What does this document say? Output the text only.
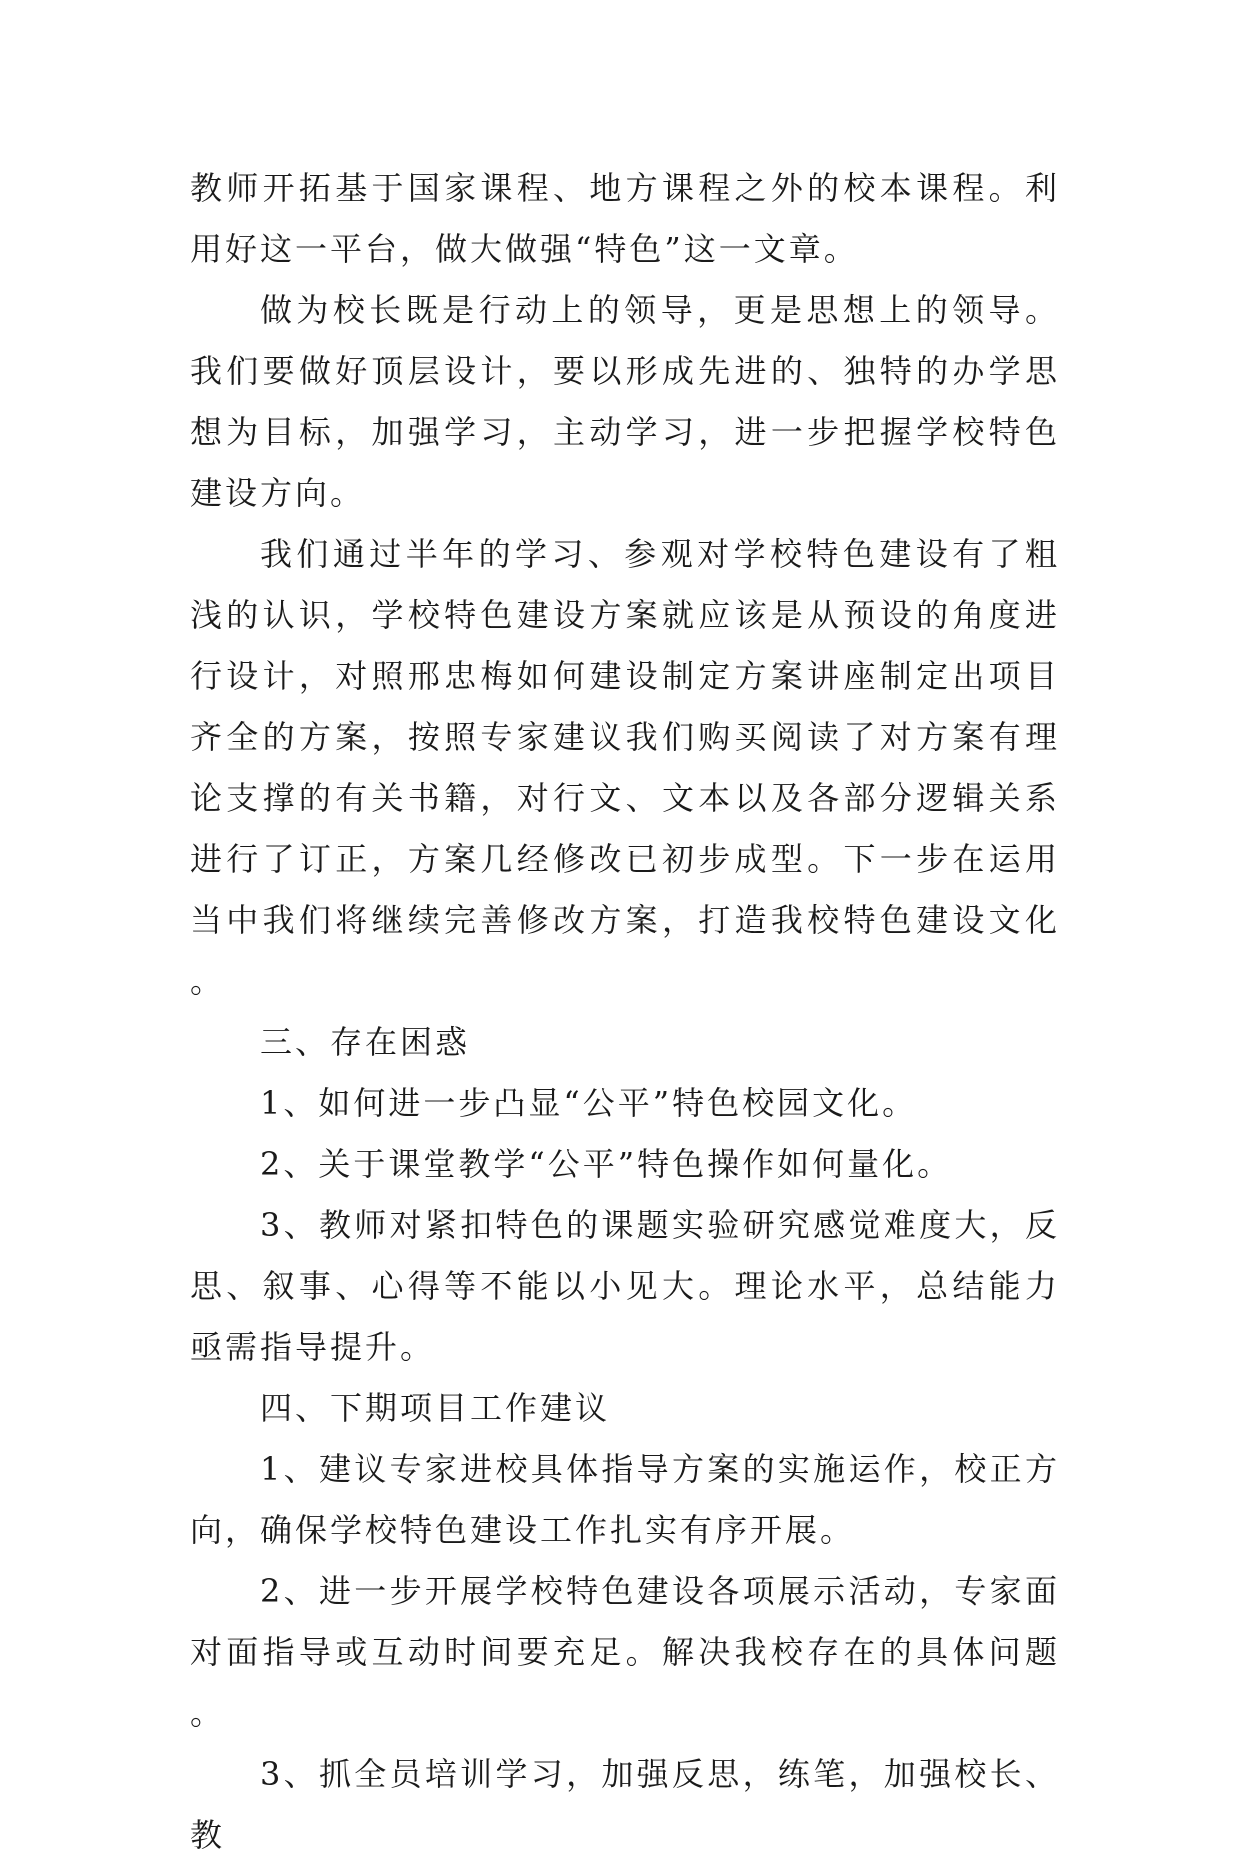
教师开拓基于国家课程、地方课程之外的校本课程。利用好这一平台，做大做强“特色”这一文章。

做为校长既是行动上的领导，更是思想上的领导。我们要做好顶层设计，要以形成先进的、独特的办学思想为目标，加强学习，主动学习，进一步把握学校特色建设方向。

我们通过半年的学习、参观对学校特色建设有了粗浅的认识，学校特色建设方案就应该是从预设的角度进行设计，对照邢忠梅如何建设制定方案讲座制定出项目齐全的方案，按照专家建议我们购买阅读了对方案有理论支撑的有关书籍，对行文、文本以及各部分逻辑关系进行了订正，方案几经修改已初步成型。下一步在运用当中我们将继续完善修改方案，打造我校特色建设文化。

三、存在困惑

1、如何进一步凸显“公平”特色校园文化。

2、关于课堂教学“公平”特色操作如何量化。

3、教师对紧扣特色的课题实验研究感觉难度大，反思、叙事、心得等不能以小见大。理论水平，总结能力亟需指导提升。

四、下期项目工作建议

1、建议专家进校具体指导方案的实施运作，校正方向，确保学校特色建设工作扎实有序开展。

2、进一步开展学校特色建设各项展示活动，专家面对面指导或互动时间要充足。解决我校存在的具体问题。

3、抓全员培训学习，加强反思，练笔，加强校长、教
